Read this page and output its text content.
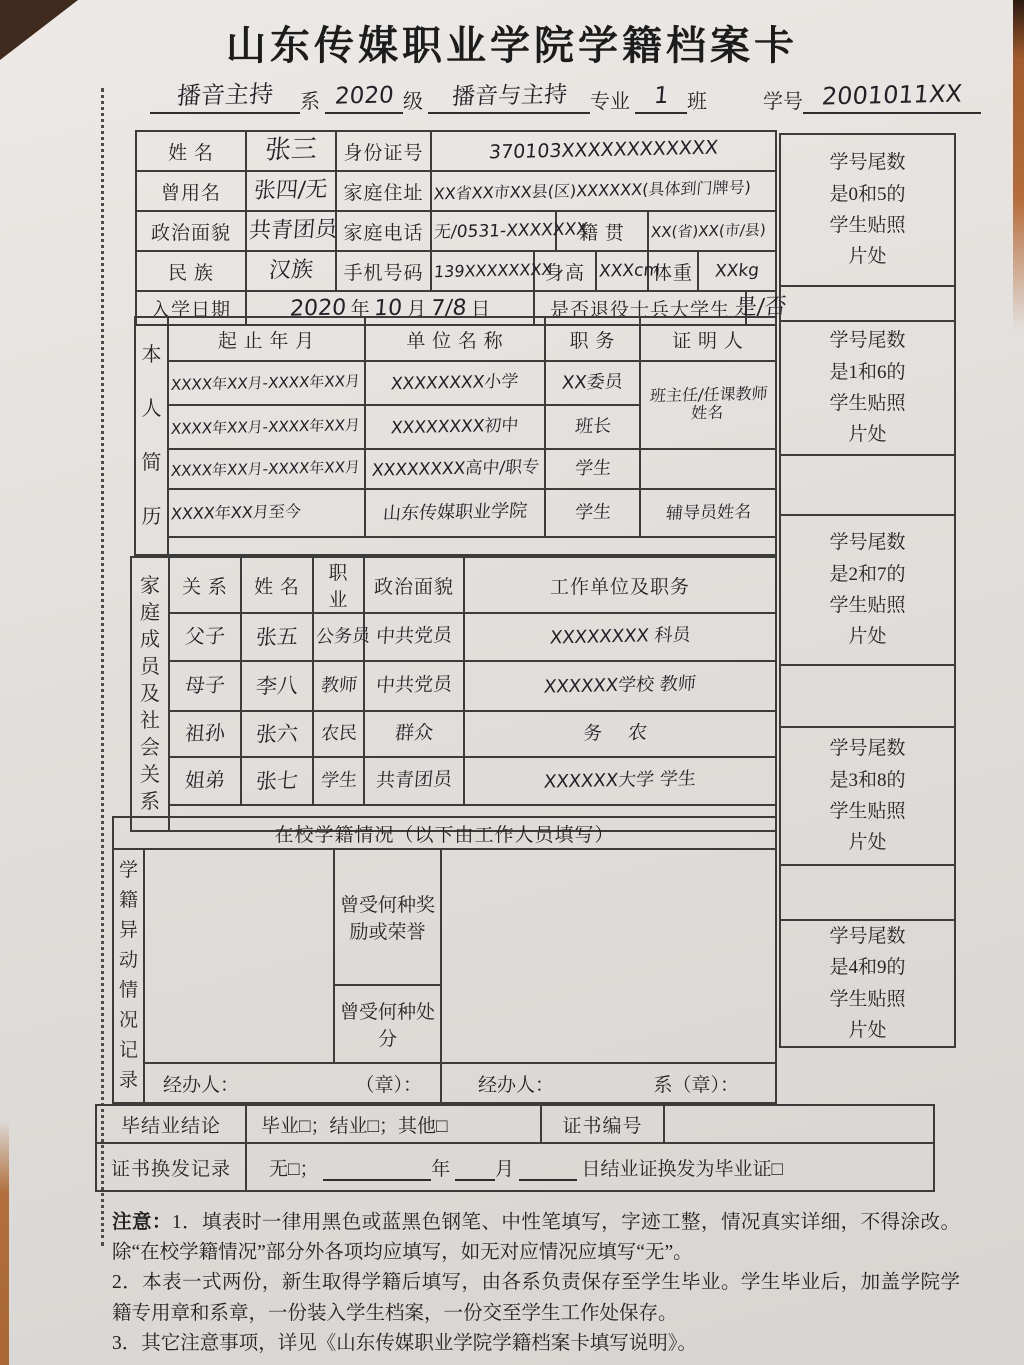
山东传媒职业学院学籍档案卡
播音主持 系 2020 级 播音与主持 专业 1 班	学号 2001011XX
姓 名	张三	身份证号	370103XXXXXXXXXXXX						
曾用名	张四/无	家庭住址	XX省XX市XX县(区)XXXXXX(具体到门牌号)						
政治面貌	共青团员	家庭电话	无/0531-XXXXXXX		籍 贯		XX(省)XX(市/县)		
民 族	汉族	手机号码	139XXXXXXXX	身高		XXXcm	体重	XXkg	
入学日期	2020 年 10 月 7/8 日			是否退役士兵大学生					是/否
本人简历	起 止 年 月	单 位 名 称	职 务	证 明 人
	XXXX年XX月-XXXX年XX月	XXXXXXXX小学	XX委员	班主任/任课教师 姓名
	XXXX年XX月-XXXX年XX月	XXXXXXXX初中	班长	
	XXXX年XX月-XXXX年XX月	XXXXXXXX高中/职专	学生	
	XXXX年XX月至今	山东传媒职业学院	学生	辅导员姓名

家庭成员及社会关系	关 系	姓 名	职 业	政治面貌	工作单位及职务
	父子	张五	公务员	中共党员	XXXXXXXX 科员
	母子	李八	教师	中共党员	XXXXXX学校 教师
	祖孙	张六	农民	群众	务 农
	姐弟	张七	学生	共青团员	XXXXXX大学 学生

在校学籍情况（以下由工作人员填写）			
学籍异动情况记录		曾受何种奖励或荣誉	
		曾受何种处分	

	经办人： （章）：		经办人： 系（章）：
毕结业结论	毕业□；结业□；其他□	证书编号	
证书换发记录	无□； 年 月 日结业证换发为毕业证□		
学号尾数是0和5的学生贴照片处

学号尾数是1和6的学生贴照片处

学号尾数是2和7的学生贴照片处

学号尾数是3和8的学生贴照片处

学号尾数是4和9的学生贴照片处

注意：1．填表时一律用黑色或蓝黑色钢笔、中性笔填写，字迹工整，情况真实详细，不得涂改。除“在校学籍情况”部分外各项均应填写，如无对应情况应填写“无”。

2．本表一式两份，新生取得学籍后填写，由各系负责保存至学生毕业。学生毕业后，加盖学院学籍专用章和系章，一份装入学生档案，一份交至学生工作处保存。

3．其它注意事项，详见《山东传媒职业学院学籍档案卡填写说明》。
